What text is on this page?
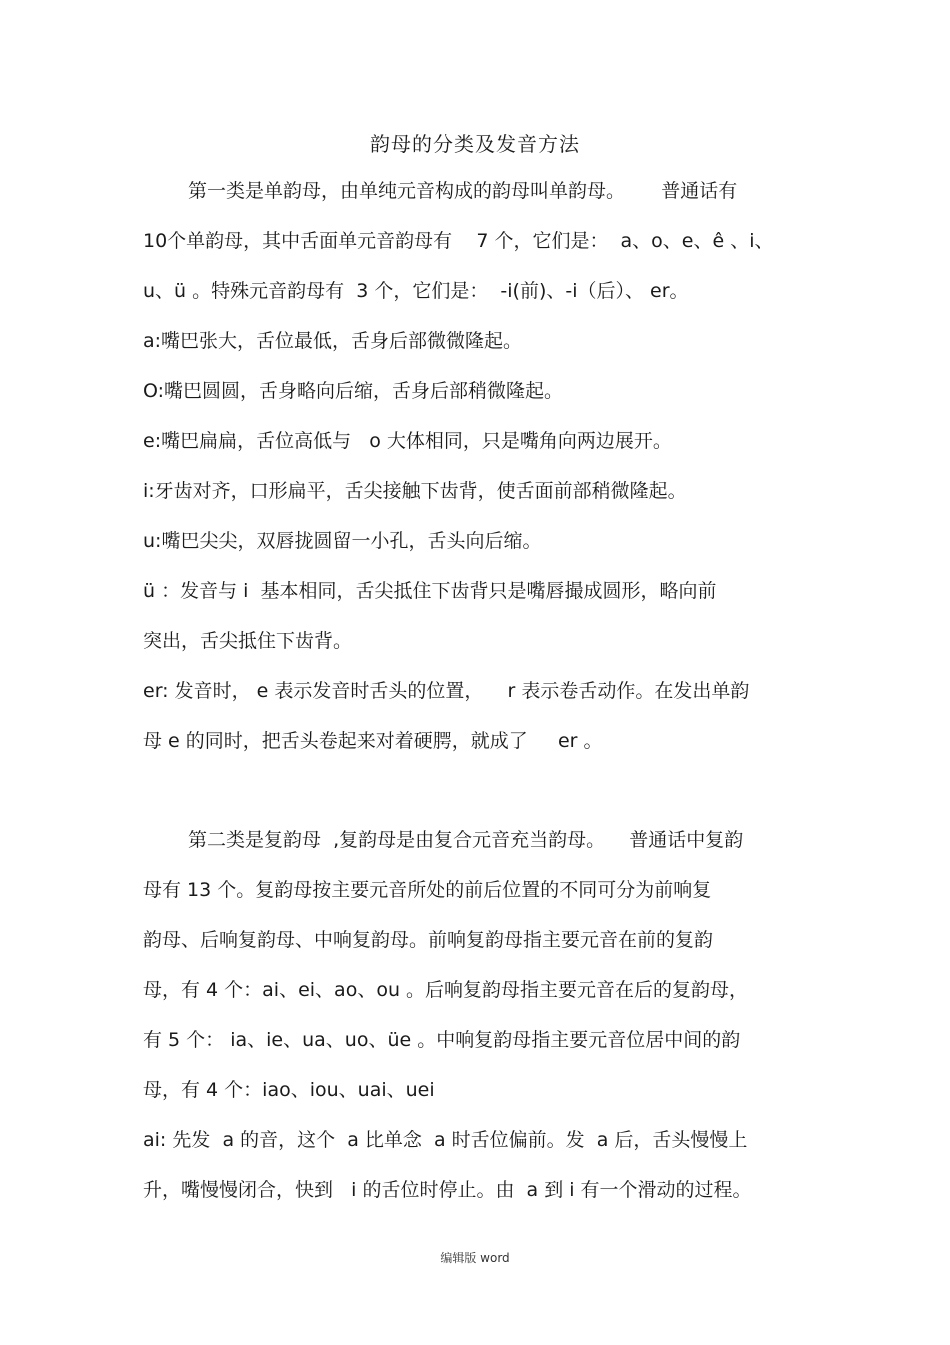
韵母的分类及发音方法
第一类是单韵母，由单纯元音构成的韵母叫单韵母。      普通话有
10个单韵母，其中舌面单元音韵母有    7 个，它们是：  a、o、e、ê 、i、
u、ü 。特殊元音韵母有  3 个，它们是：  -i(前)、-i（后）、 er。
a:嘴巴张大，舌位最低，舌身后部微微隆起。
O:嘴巴圆圆，舌身略向后缩，舌身后部稍微隆起。
e:嘴巴扁扁，舌位高低与   o 大体相同，只是嘴角向两边展开。
i:牙齿对齐，口形扁平，舌尖接触下齿背，使舌面前部稍微隆起。
u:嘴巴尖尖，双唇拢圆留一小孔，舌头向后缩。
ü ：发音与 i  基本相同，舌尖抵住下齿背只是嘴唇撮成圆形，略向前
突出，舌尖抵住下齿背。
er: 发音时， e 表示发音时舌头的位置，    r 表示卷舌动作。在发出单韵
母 e 的同时，把舌头卷起来对着硬腭，就成了     er 。
第二类是复韵母  ,复韵母是由复合元音充当韵母。    普通话中复韵
母有 13 个。复韵母按主要元音所处的前后位置的不同可分为前响复
韵母、后响复韵母、中响复韵母。前响复韵母指主要元音在前的复韵
母，有 4 个：ai、ei、ao、ou 。后响复韵母指主要元音在后的复韵母，
有 5 个： ia、ie、ua、uo、üe 。中响复韵母指主要元音位居中间的韵
母，有 4 个：iao、iou、uai、uei
ai: 先发  a 的音，这个  a 比单念  a 时舌位偏前。发  a 后，舌头慢慢上
升，嘴慢慢闭合，快到   i 的舌位时停止。由  a 到 i 有一个滑动的过程。
编辑版 word
